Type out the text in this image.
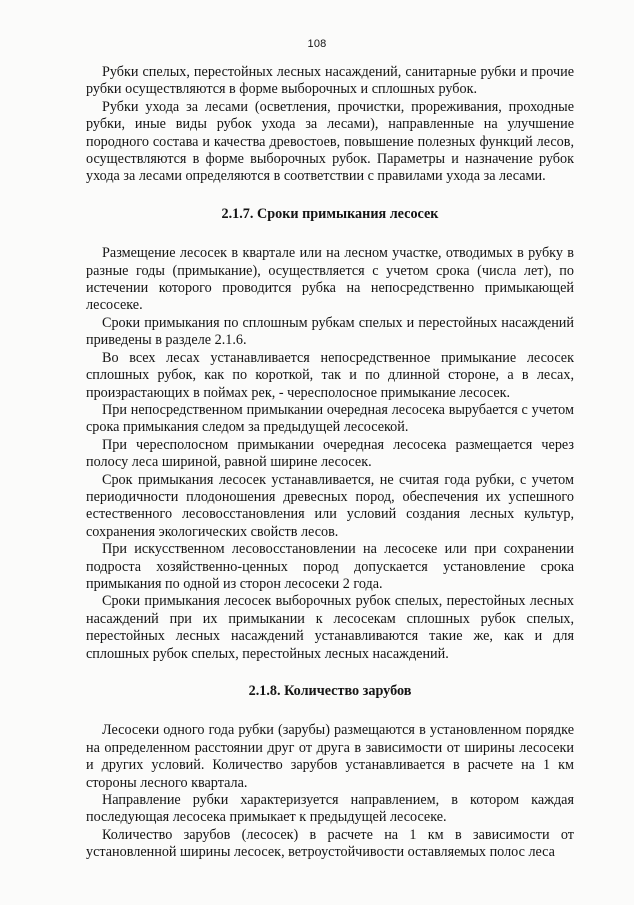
108

Рубки спелых, перестойных лесных насаждений, санитарные рубки и прочие рубки осуществляются в форме выборочных и сплошных рубок.

Рубки ухода за лесами (осветления, прочистки, прореживания, проходные рубки, иные виды рубок ухода за лесами), направленные на улучшение породного состава и качества древостоев, повышение полезных функций лесов, осуществляются в форме выборочных рубок. Параметры и назначение рубок ухода за лесами определяются в соответствии с правилами ухода за лесами.

2.1.7. Сроки примыкания лесосек

Размещение лесосек в квартале или на лесном участке, отводимых в рубку в разные годы (примыкание), осуществляется с учетом срока (числа лет), по истечении которого проводится рубка на непосредственно примыкающей лесосеке.

Сроки примыкания по сплошным рубкам спелых и перестойных насаждений приведены в разделе 2.1.6.

Во всех лесах устанавливается непосредственное примыкание лесосек сплошных рубок, как по короткой, так и по длинной стороне, а в лесах, произрастающих в поймах рек, - чересполосное примыкание лесосек.

При непосредственном примыкании очередная лесосека вырубается с учетом срока примыкания следом за предыдущей лесосекой.

При чересполосном примыкании очередная лесосека размещается через полосу леса шириной, равной ширине лесосек.

Срок примыкания лесосек устанавливается, не считая года рубки, с учетом периодичности плодоношения древесных пород, обеспечения их успешного естественного лесовосстановления или условий создания лесных культур, сохранения экологических свойств лесов.

При искусственном лесовосстановлении на лесосеке или при сохранении подроста хозяйственно-ценных пород допускается установление срока примыкания по одной из сторон лесосеки 2 года.

Сроки примыкания лесосек выборочных рубок спелых, перестойных лесных насаждений при их примыкании к лесосекам сплошных рубок спелых, перестойных лесных насаждений устанавливаются такие же, как и для сплошных рубок спелых, перестойных лесных насаждений.

2.1.8. Количество зарубов

Лесосеки одного года рубки (зарубы) размещаются в установленном порядке на определенном расстоянии друг от друга в зависимости от ширины лесосеки и других условий. Количество зарубов устанавливается в расчете на 1 км стороны лесного квартала.

Направление рубки характеризуется направлением, в котором каждая последующая лесосека примыкает к предыдущей лесосеке.

Количество зарубов (лесосек) в расчете на 1 км в зависимости от установленной ширины лесосек, ветроустойчивости оставляемых полос леса
